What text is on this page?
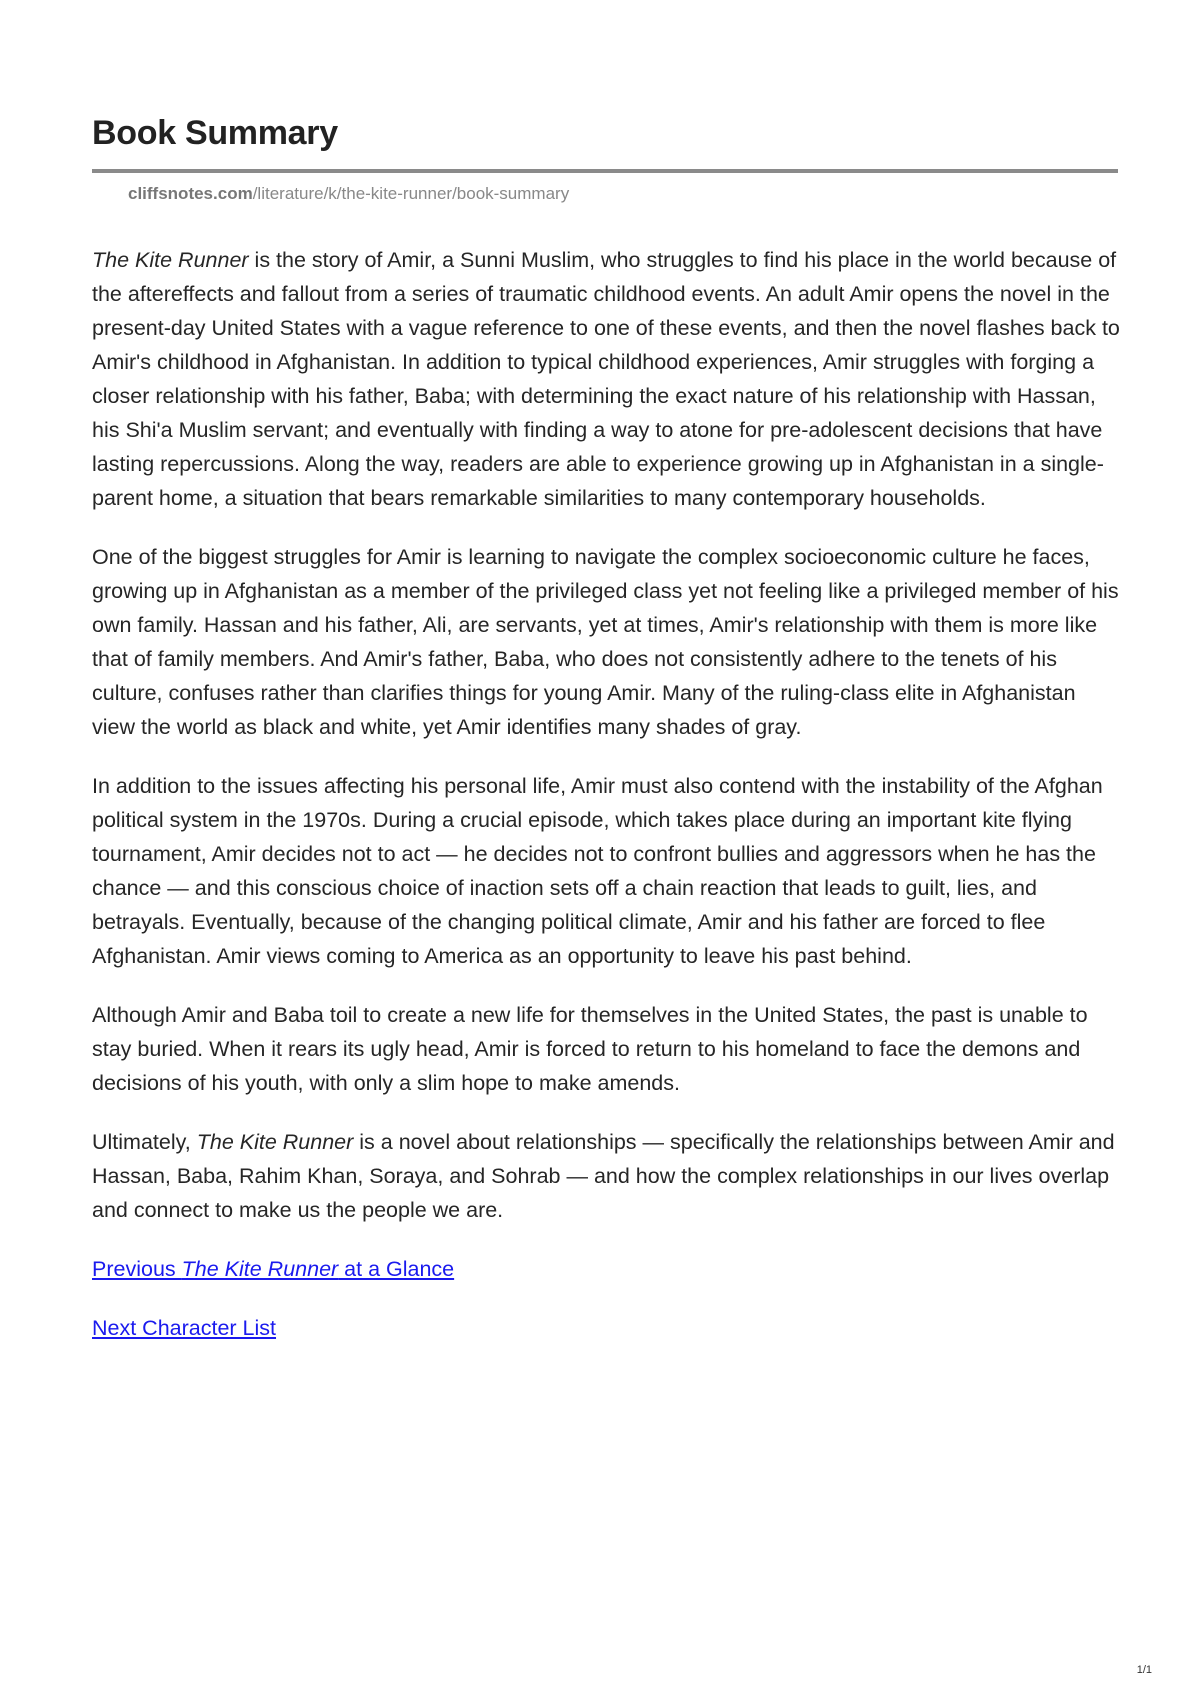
Book Summary
cliffsnotes.com/literature/k/the-kite-runner/book-summary

The Kite Runner is the story of Amir, a Sunni Muslim, who struggles to find his place in the world because of the aftereffects and fallout from a series of traumatic childhood events. An adult Amir opens the novel in the present-day United States with a vague reference to one of these events, and then the novel flashes back to Amir's childhood in Afghanistan. In addition to typical childhood experiences, Amir struggles with forging a closer relationship with his father, Baba; with determining the exact nature of his relationship with Hassan, his Shi'a Muslim servant; and eventually with finding a way to atone for pre-adolescent decisions that have lasting repercussions. Along the way, readers are able to experience growing up in Afghanistan in a single-parent home, a situation that bears remarkable similarities to many contemporary households.

One of the biggest struggles for Amir is learning to navigate the complex socioeconomic culture he faces, growing up in Afghanistan as a member of the privileged class yet not feeling like a privileged member of his own family. Hassan and his father, Ali, are servants, yet at times, Amir's relationship with them is more like that of family members. And Amir's father, Baba, who does not consistently adhere to the tenets of his culture, confuses rather than clarifies things for young Amir. Many of the ruling-class elite in Afghanistan view the world as black and white, yet Amir identifies many shades of gray.

In addition to the issues affecting his personal life, Amir must also contend with the instability of the Afghan political system in the 1970s. During a crucial episode, which takes place during an important kite flying tournament, Amir decides not to act — he decides not to confront bullies and aggressors when he has the chance — and this conscious choice of inaction sets off a chain reaction that leads to guilt, lies, and betrayals. Eventually, because of the changing political climate, Amir and his father are forced to flee Afghanistan. Amir views coming to America as an opportunity to leave his past behind.

Although Amir and Baba toil to create a new life for themselves in the United States, the past is unable to stay buried. When it rears its ugly head, Amir is forced to return to his homeland to face the demons and decisions of his youth, with only a slim hope to make amends.

Ultimately, The Kite Runner is a novel about relationships — specifically the relationships between Amir and Hassan, Baba, Rahim Khan, Soraya, and Sohrab — and how the complex relationships in our lives overlap and connect to make us the people we are.

Previous The Kite Runner at a Glance

Next Character List

1/1
